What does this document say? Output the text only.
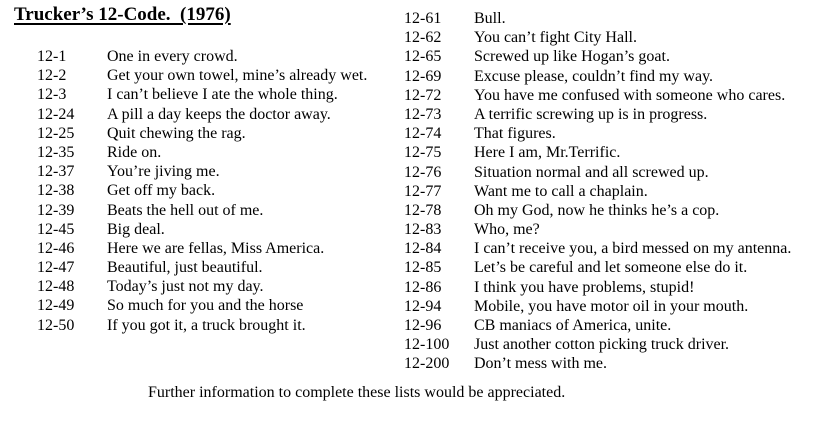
Trucker’s 12-Code.  (1976)
12-1	One in every crowd.
12-2	Get your own towel, mine’s already wet.
12-3	I can’t believe I ate the whole thing.
12-24 A pill a day keeps the doctor away.
12-25 Quit chewing the rag.
12-35 Ride on.
12-37 You’re jiving me.
12-38 Get off my back.
12-39 Beats the hell out of me.
12-45 Big deal.
12-46 Here we are fellas, Miss America.
12-47 Beautiful, just beautiful.
12-48 Today’s just not my day.
12-49 So much for you and the horse
12-50 If you got it, a truck brought it.
12-61 Bull.
12-62 You can’t fight City Hall.
12-65 Screwed up like Hogan’s goat.
12-69 Excuse please, couldn’t find my way.
12-72 You have me confused with someone who cares.
12-73 A terrific screwing up is in progress.
12-74 That figures.
12-75 Here I am, Mr.Terrific.
12-76 Situation normal and all screwed up.
12-77 Want me to call a chaplain.
12-78 Oh my God, now he thinks he’s a cop.
12-83 Who, me?
12-84 I can’t receive you, a bird messed on my antenna.
12-85 Let’s be careful and let someone else do it.
12-86 I think you have problems, stupid!
12-94 Mobile, you have motor oil in your mouth.
12-96 CB maniacs of America, unite.
12-100 Just another cotton picking truck driver.
12-200 Don’t mess with me.
Further information to complete these lists would be appreciated.
